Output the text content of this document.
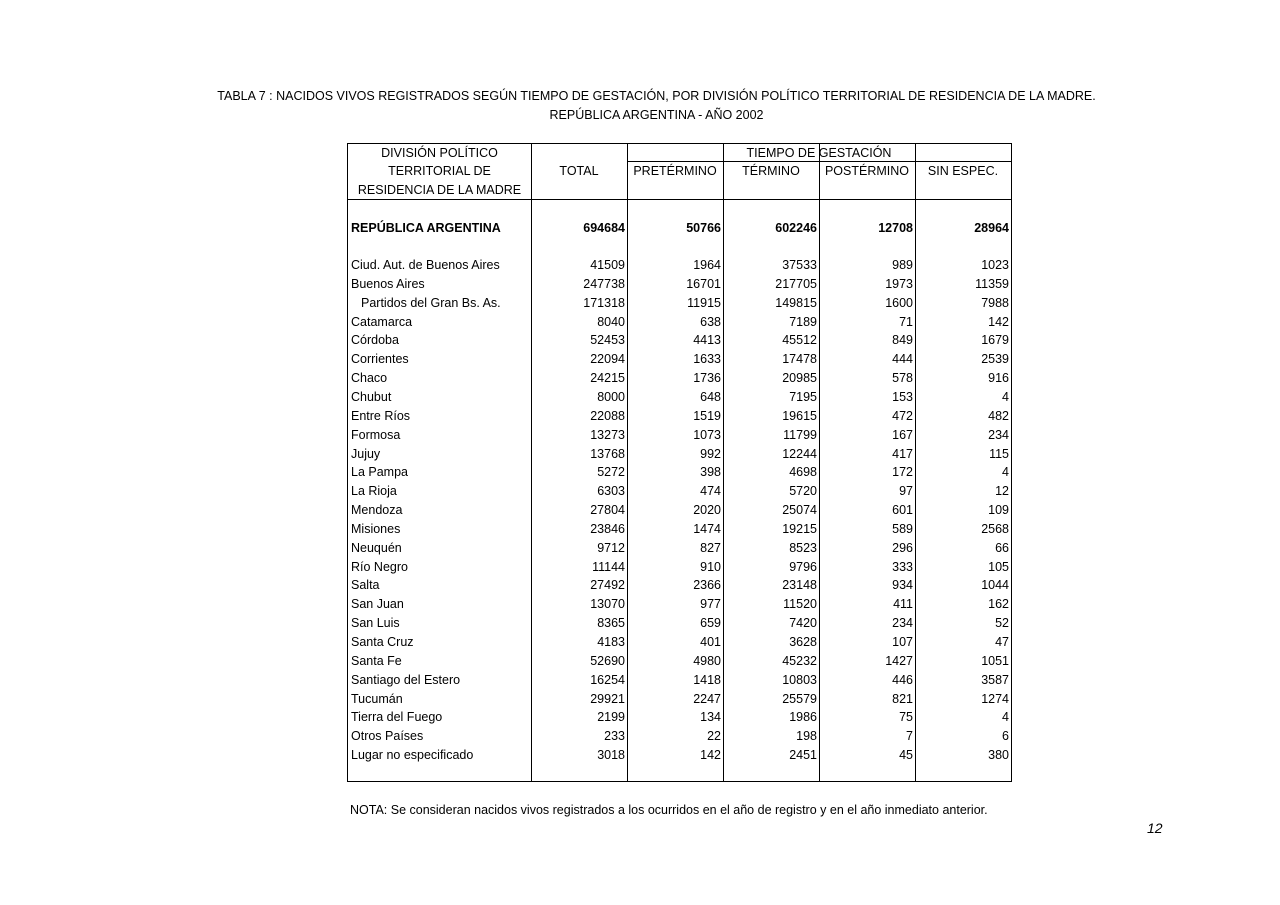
TABLA 7 : NACIDOS VIVOS REGISTRADOS SEGÚN TIEMPO DE GESTACIÓN, POR DIVISIÓN POLÍTICO TERRITORIAL DE RESIDENCIA DE LA MADRE.
REPÚBLICA ARGENTINA - AÑO 2002
DIVISIÓN POLÍTICO
TERRITORIAL DE
RESIDENCIA DE LA MADRE
TOTAL
TIEMPO DE GESTACIÓN
PRETÉRMINO	TÉRMINO	POSTÉRMINO	SIN ESPEC.
REPÚBLICA ARGENTINA	694684	50766	602246	12708	28964
Ciud. Aut. de Buenos Aires	41509	1964	37533	989	1023
Buenos Aires	247738	16701	217705	1973	11359
Partidos del Gran Bs. As.	171318	11915	149815	1600	7988
Catamarca	8040	638	7189	71	142
Córdoba	52453	4413	45512	849	1679
Corrientes	22094	1633	17478	444	2539
Chaco	24215	1736	20985	578	916
Chubut	8000	648	7195	153	4
Entre Ríos	22088	1519	19615	472	482
Formosa	13273	1073	11799	167	234
Jujuy	13768	992	12244	417	115
La Pampa	5272	398	4698	172	4
La Rioja	6303	474	5720	97	12
Mendoza	27804	2020	25074	601	109
Misiones	23846	1474	19215	589	2568
Neuquén	9712	827	8523	296	66
Río Negro	11144	910	9796	333	105
Salta	27492	2366	23148	934	1044
San Juan	13070	977	11520	411	162
San Luis	8365	659	7420	234	52
Santa Cruz	4183	401	3628	107	47
Santa Fe	52690	4980	45232	1427	1051
Santiago del Estero	16254	1418	10803	446	3587
Tucumán	29921	2247	25579	821	1274
Tierra del Fuego	2199	134	1986	75	4
Otros Países	233	22	198	7	6
Lugar no especificado	3018	142	2451	45	380
NOTA: Se consideran nacidos vivos registrados a los ocurridos en el año de registro y en el año inmediato anterior.
12
